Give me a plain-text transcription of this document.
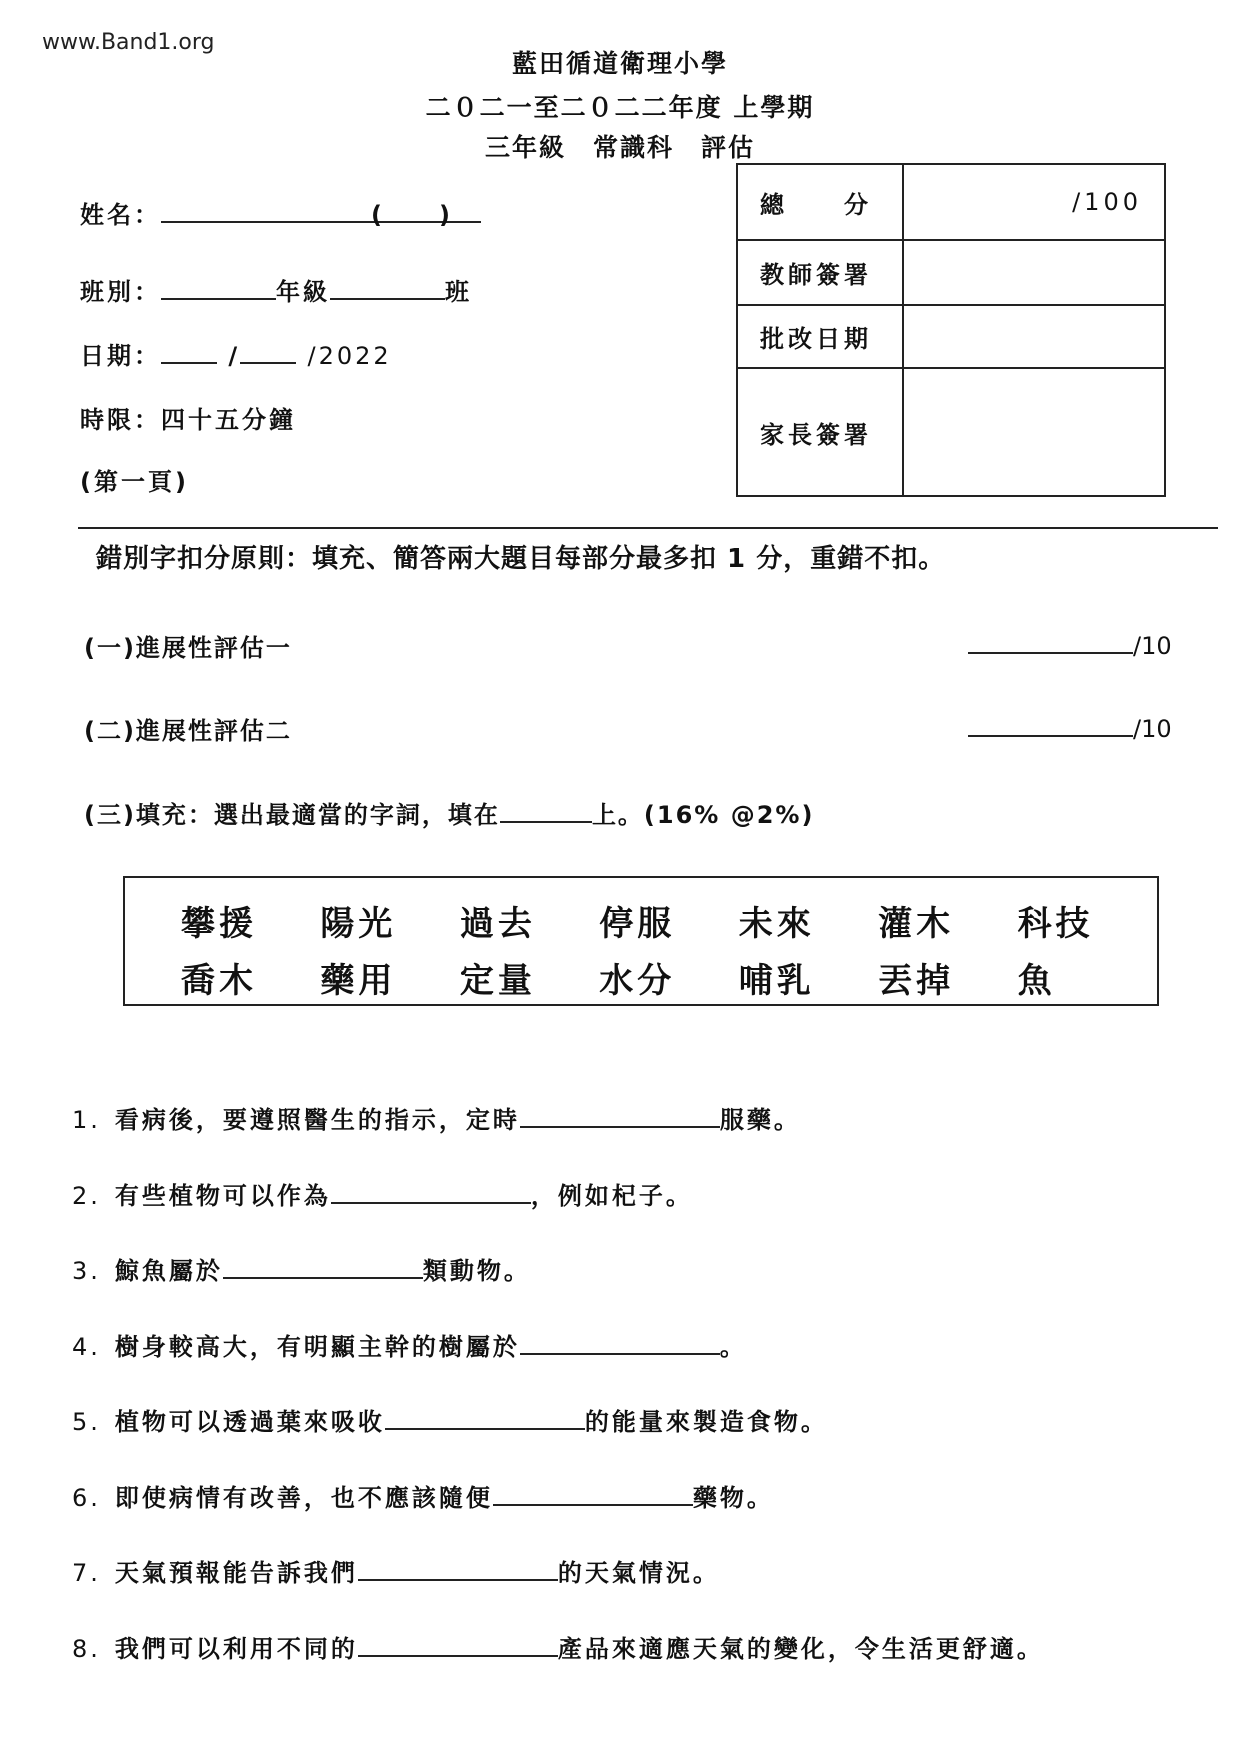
www.Band1.org
藍田循道衛理小學
二０二一至二０二二年度 上學期
三年級　常識科　評估
姓名：	(　　)
班別：	年級	班
日期：	/	/2022
時限：四十五分鐘
(第一頁)
總　　分	/100
教師簽署	
批改日期	
家長簽署	
錯別字扣分原則：填充、簡答兩大題目每部分最多扣 1 分，重錯不扣。
(一)進展性評估一	/10
(二)進展性評估二	/10
(三)填充：選出最適當的字詞，填在	上。(16% @2%)
攀援	陽光	過去	停服	未來	灌木	科技
喬木	藥用	定量	水分	哺乳	丟掉	魚
1. 看病後，要遵照醫生的指示，定時	服藥。
2. 有些植物可以作為	，例如杞子。
3. 鯨魚屬於	類動物。
4. 樹身較高大，有明顯主幹的樹屬於	。
5. 植物可以透過葉來吸收	的能量來製造食物。
6. 即使病情有改善，也不應該隨便	藥物。
7. 天氣預報能告訴我們	的天氣情況。
8. 我們可以利用不同的	產品來適應天氣的變化，令生活更舒適。
